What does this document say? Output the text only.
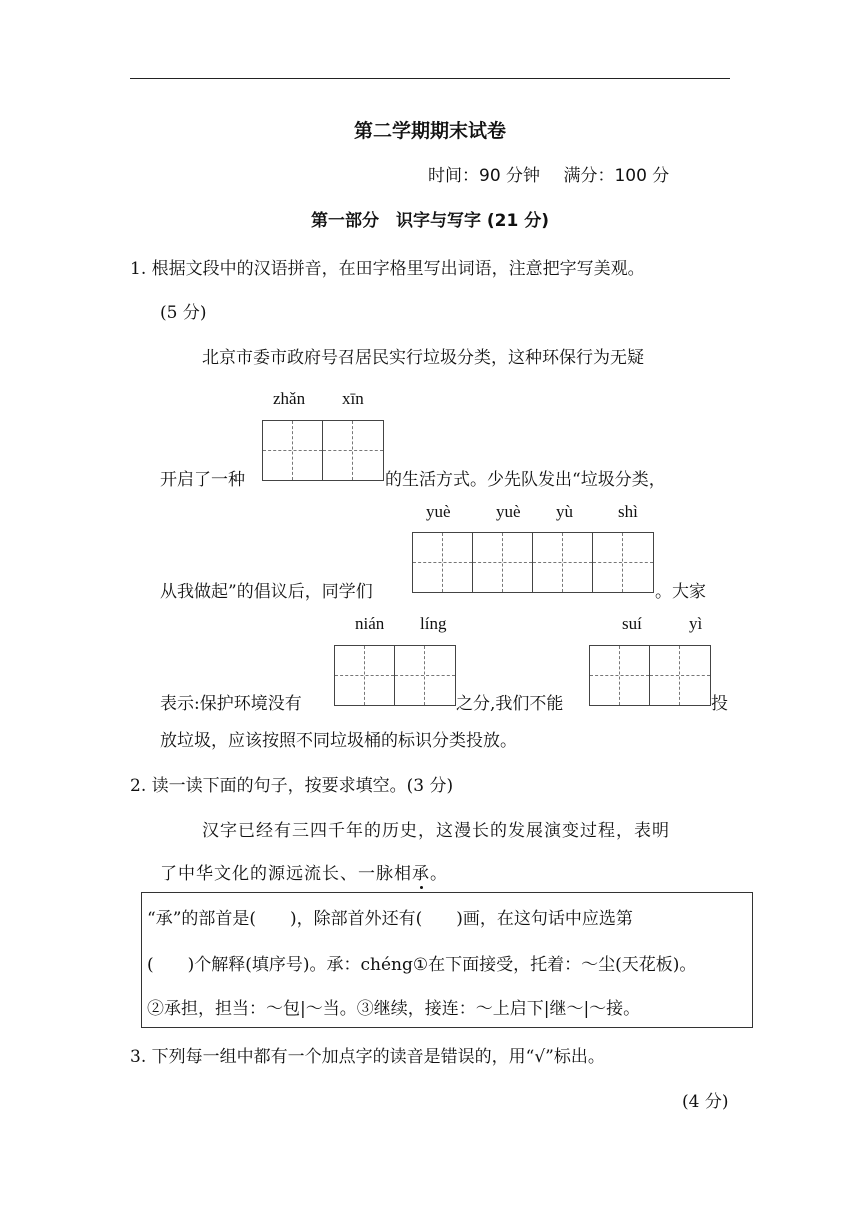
第二学期期末试卷
时间：90 分钟 满分：100 分
第一部分　识字与写字 (21 分)
1. 根据文段中的汉语拼音，在田字格里写出词语，注意把字写美观。
(5 分)
北京市委市政府号召居民实行垃圾分类，这种环保行为无疑
zhǎn xīn
开启了一种	的生活方式。少先队发出“垃圾分类，
yuè	yuè yù	shì
从我做起”的倡议后，同学们	。大家
nián líng	suí	yì
表示:保护环境没有	之分,我们不能	投
放垃圾，应该按照不同垃圾桶的标识分类投放。
2. 读一读下面的句子，按要求填空。(3 分)
汉字已经有三四千年的历史，这漫长的发展演变过程，表明
了中华文化的源远流长、一脉相承。
“承”的部首是(　　)，除部首外还有(　　)画，在这句话中应选第
(　　)个解释(填序号)。承：chéng①在下面接受，托着：～尘(天花板)。
②承担，担当：～包|～当。③继续，接连：～上启下|继～|～接。
3. 下列每一组中都有一个加点字的读音是错误的，用“√”标出。
(4 分)
